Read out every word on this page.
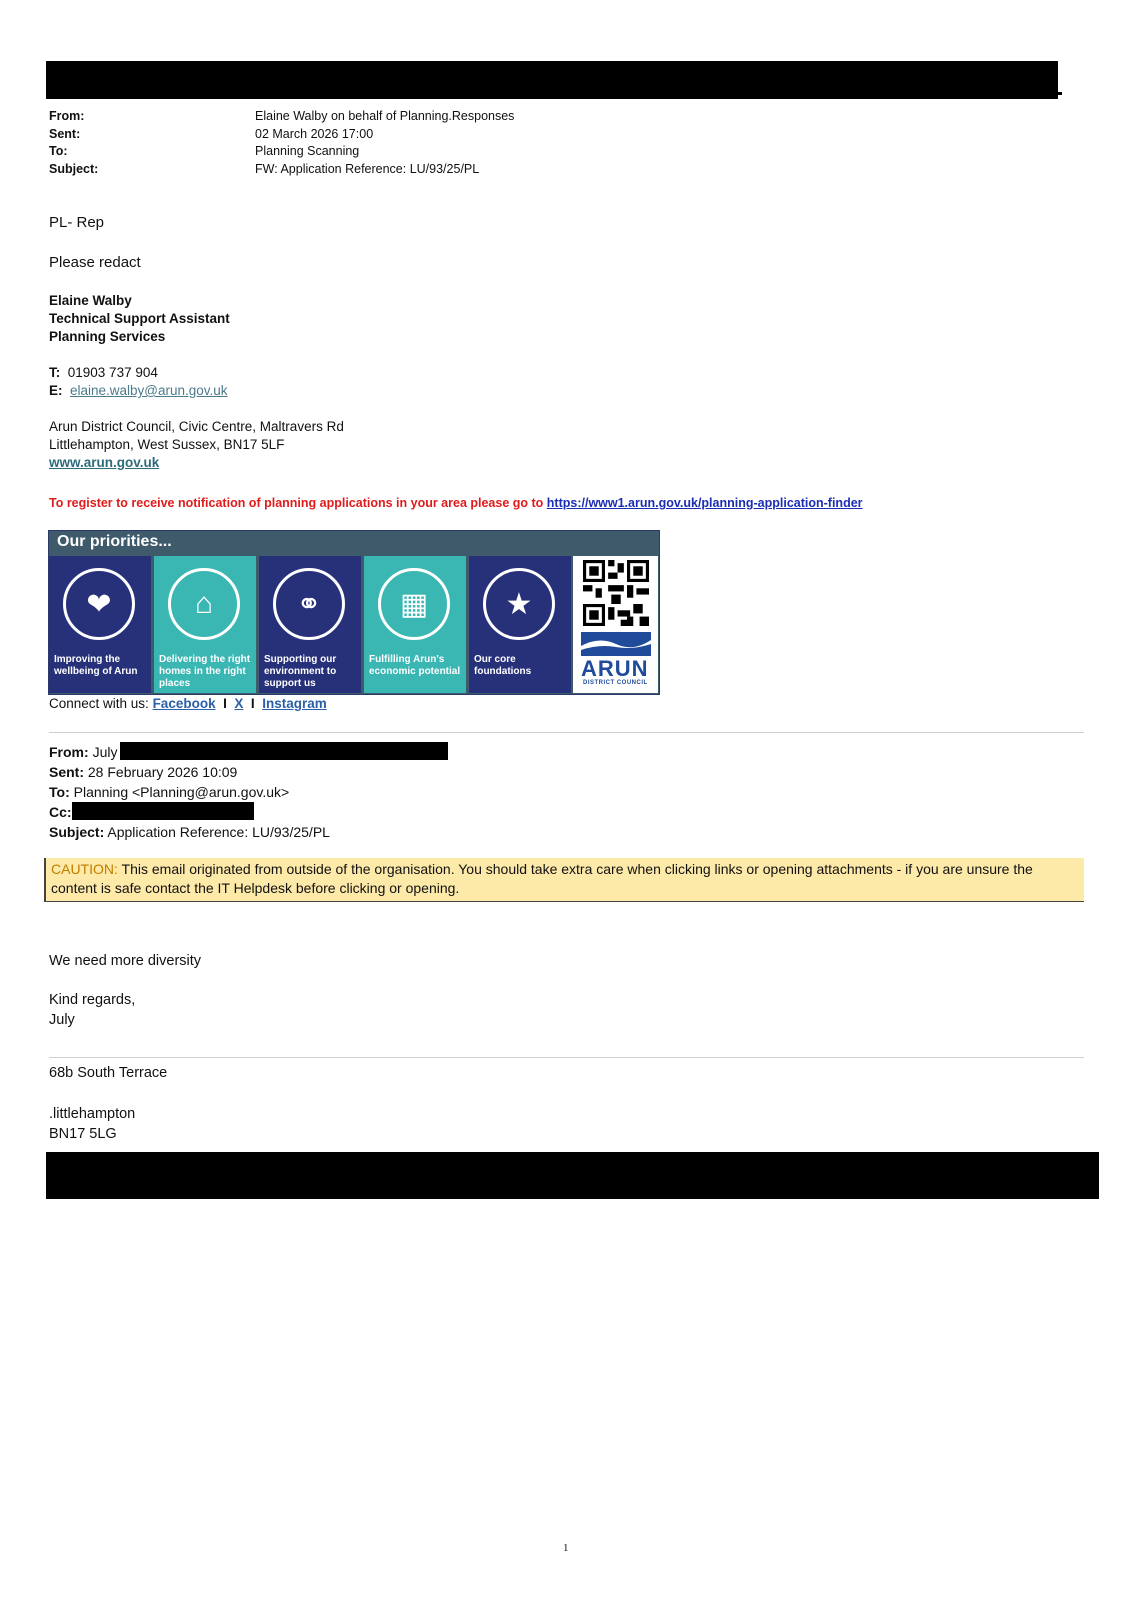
From:	Elaine Walby on behalf of Planning.Responses
Sent:	02 March 2026 17:00
To:	Planning Scanning
Subject:	FW: Application Reference: LU/93/25/PL
PL- Rep
Please redact
Elaine Walby
Technical Support Assistant
Planning Services
T: 01903 737 904
E: elaine.walby@arun.gov.uk
Arun District Council, Civic Centre, Maltravers Rd
Littlehampton, West Sussex, BN17 5LF
www.arun.gov.uk
To register to receive notification of planning applications in your area please go to https://www1.arun.gov.uk/planning-application-finder
Our priorities...
❤
Improving the wellbeing of Arun
⌂
Delivering the right homes in the right places
⚭
Supporting our environment to support us
▦
Fulfilling Arun's economic potential
★
Our core foundations	ARUN
DISTRICT COUNCIL
Connect with us: Facebook I X I Instagram
From: July
Sent: 28 February 2026 10:09
To: Planning <Planning@arun.gov.uk>
Cc:
Subject: Application Reference: LU/93/25/PL
CAUTION: This email originated from outside of the organisation. You should take extra care when clicking links or opening attachments - if you are unsure the content is safe contact the IT Helpdesk before clicking or opening.
We need more diversity
Kind regards,
July
68b South Terrace
.littlehampton
BN17 5LG
1
